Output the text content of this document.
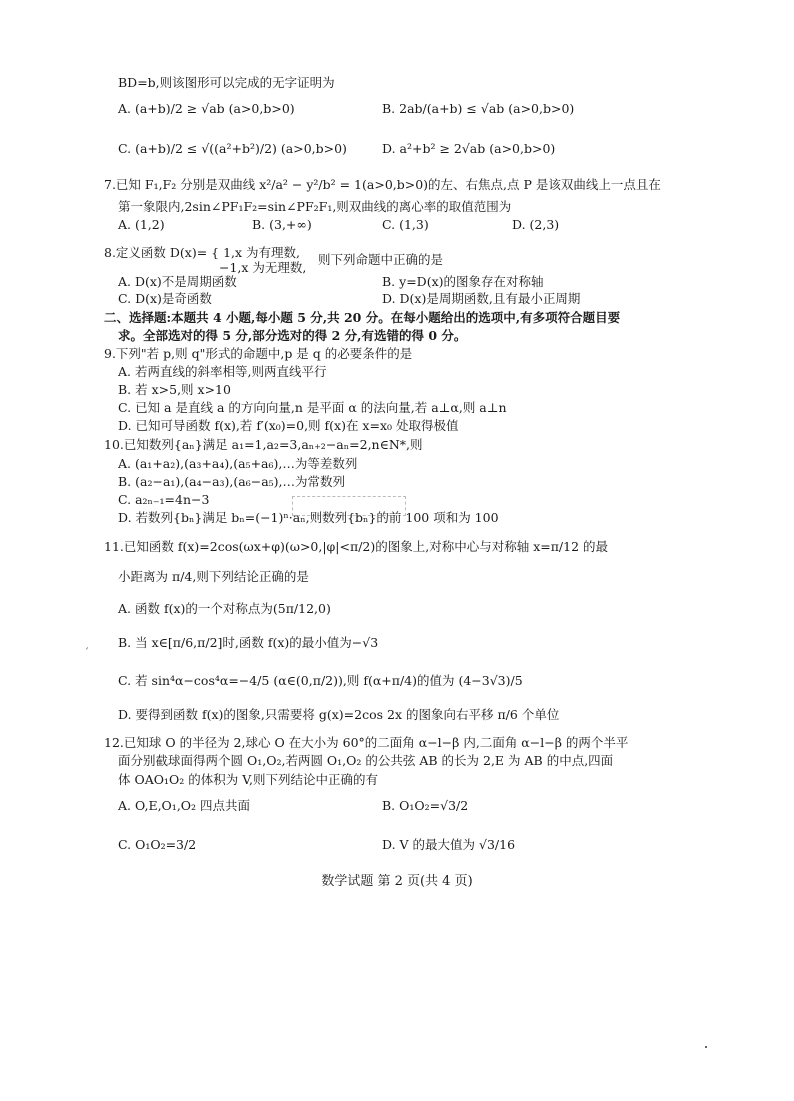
BD=b,则该图形可以完成的无字证明为
A. (a+b)/2 ≥ √ab (a>0,b>0)	B. 2ab/(a+b) ≤ √ab (a>0,b>0)
C. (a+b)/2 ≤ √((a²+b²)/2) (a>0,b>0)	D. a²+b² ≥ 2√ab (a>0,b>0)
7.已知 F₁,F₂ 分别是双曲线 x²/a² − y²/b² = 1(a>0,b>0)的左、右焦点,点 P 是该双曲线上一点且在
第一象限内,2sin∠PF₁F₂=sin∠PF₂F₁,则双曲线的离心率的取值范围为
A. (1,2)	B. (3,+∞)	C. (1,3)	D. (2,3)
8.定义函数 D(x)= { 1,x 为有理数,
−1,x 为无理数,
则下列命题中正确的是
A. D(x)不是周期函数	B. y=D(x)的图象存在对称轴
C. D(x)是奇函数	D. D(x)是周期函数,且有最小正周期
二、选择题:本题共 4 小题,每小题 5 分,共 20 分。在每小题给出的选项中,有多项符合题目要
求。全部选对的得 5 分,部分选对的得 2 分,有选错的得 0 分。
9.下列"若 p,则 q"形式的命题中,p 是 q 的必要条件的是
A. 若两直线的斜率相等,则两直线平行
B. 若 x>5,则 x>10
C. 已知 a 是直线 a 的方向向量,n 是平面 α 的法向量,若 a⊥α,则 a⊥n
D. 已知可导函数 f(x),若 f′(x₀)=0,则 f(x)在 x=x₀ 处取得极值
10.已知数列{aₙ}满足 a₁=1,a₂=3,aₙ₊₂−aₙ=2,n∈N*,则
A. (a₁+a₂),(a₃+a₄),(a₅+a₆),…为等差数列
B. (a₂−a₁),(a₄−a₃),(a₆−a₅),…为常数列
C. a₂ₙ₋₁=4n−3
D. 若数列{bₙ}满足 bₙ=(−1)ⁿ·aₙ,则数列{bₙ}的前 100 项和为 100
11.已知函数 f(x)=2cos(ωx+φ)(ω>0,|φ|<π/2)的图象上,对称中心与对称轴 x=π/12 的最
小距离为 π/4,则下列结论正确的是
A. 函数 f(x)的一个对称点为(5π/12,0)
ˊ
B. 当 x∈[π/6,π/2]时,函数 f(x)的最小值为−√3
C. 若 sin⁴α−cos⁴α=−4/5 (α∈(0,π/2)),则 f(α+π/4)的值为 (4−3√3)/5
D. 要得到函数 f(x)的图象,只需要将 g(x)=2cos 2x 的图象向右平移 π/6 个单位
12.已知球 O 的半径为 2,球心 O 在大小为 60°的二面角 α−l−β 内,二面角 α−l−β 的两个半平
面分别截球面得两个圆 O₁,O₂,若两圆 O₁,O₂ 的公共弦 AB 的长为 2,E 为 AB 的中点,四面
体 OAO₁O₂ 的体积为 V,则下列结论中正确的有
A. O,E,O₁,O₂ 四点共面	B. O₁O₂=√3/2
C. O₁O₂=3/2	D. V 的最大值为 √3/16
数学试题 第 2 页(共 4 页)
